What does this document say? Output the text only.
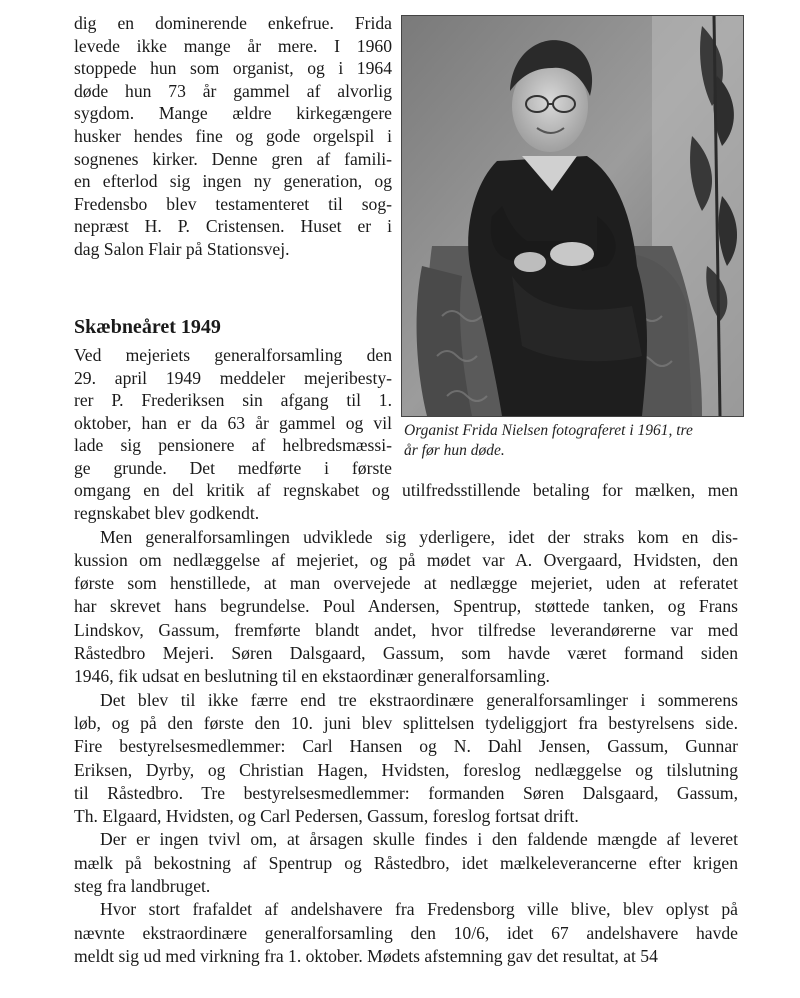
dig en dominerende enkefrue. Frida
levede ikke mange år mere. I 1960
stoppede hun som organist, og i 1964
døde hun 73 år gammel af alvorlig
sygdom. Mange ældre kirkegængere
husker hendes fine og gode orgelspil i
sognenes kirker. Denne gren af famili-
en efterlod sig ingen ny generation, og
Fredensbo blev testamenteret til sog-
nepræst H. P. Cristensen. Huset er i
dag Salon Flair på Stationsvej.
Skæbneåret 1949
Ved mejeriets generalforsamling den
29. april 1949 meddeler mejeribesty-
rer P. Frederiksen sin afgang til 1.
oktober, han er da 63 år gammel og vil
lade sig pensionere af helbredsmæssi-
ge grunde. Det medførte i første
Organist Frida Nielsen fotograferet i 1961, tre
år før hun døde.
omgang en del kritik af regnskabet og utilfredsstillende betaling for mælken, men
regnskabet blev godkendt.
Men generalforsamlingen udviklede sig yderligere, idet der straks kom en dis-
kussion om nedlæggelse af mejeriet, og på mødet var A. Overgaard, Hvidsten, den
første som henstillede, at man overvejede at nedlægge mejeriet, uden at referatet
har skrevet hans begrundelse. Poul Andersen, Spentrup, støttede tanken, og Frans
Lindskov, Gassum, fremførte blandt andet, hvor tilfredse leverandørerne var med
Råstedbro Mejeri. Søren Dalsgaard, Gassum, som havde været formand siden
1946, fik udsat en beslutning til en ekstaordinær generalforsamling.
Det blev til ikke færre end tre ekstraordinære generalforsamlinger i sommerens
løb, og på den første den 10. juni blev splittelsen tydeliggjort fra bestyrelsens side.
Fire bestyrelsesmedlemmer: Carl Hansen og N. Dahl Jensen, Gassum, Gunnar
Eriksen, Dyrby, og Christian Hagen, Hvidsten, foreslog nedlæggelse og tilslutning
til Råstedbro. Tre bestyrelsesmedlemmer: formanden Søren Dalsgaard, Gassum,
Th. Elgaard, Hvidsten, og Carl Pedersen, Gassum, foreslog fortsat drift.
Der er ingen tvivl om, at årsagen skulle findes i den faldende mængde af leveret
mælk på bekostning af Spentrup og Råstedbro, idet mælkeleverancerne efter krigen
steg fra landbruget.
Hvor stort frafaldet af andelshavere fra Fredensborg ville blive, blev oplyst på
nævnte ekstraordinære generalforsamling den 10/6, idet 67 andelshavere havde
meldt sig ud med virkning fra 1. oktober. Mødets afstemning gav det resultat, at 54
